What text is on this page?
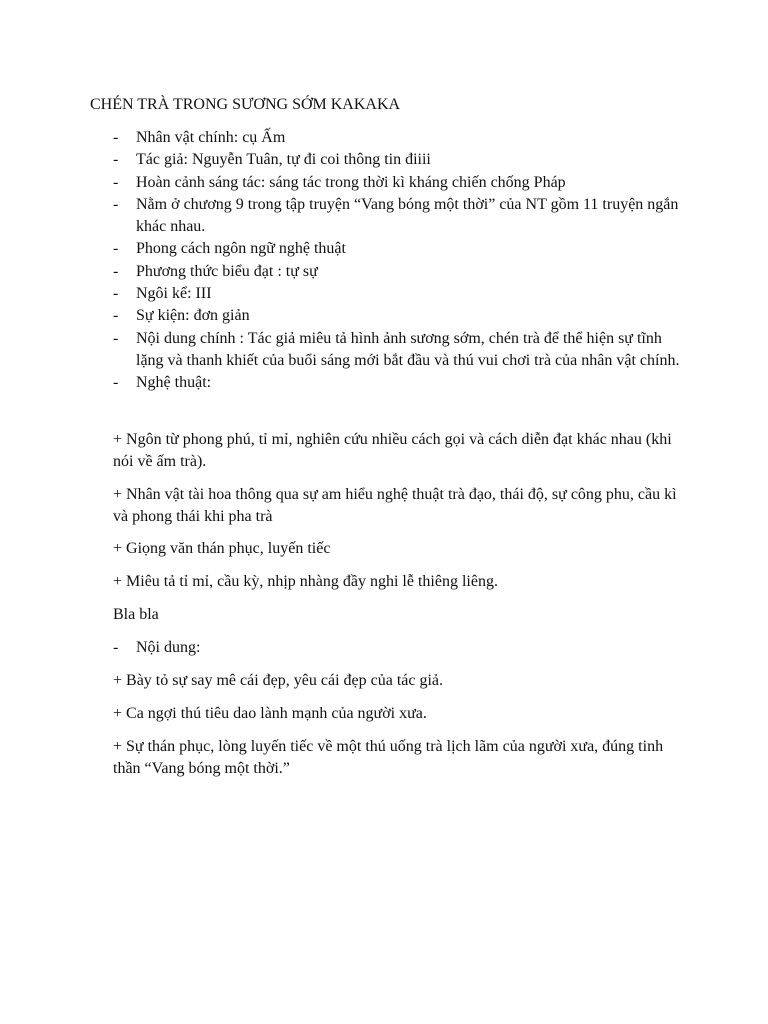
CHÉN TRÀ TRONG SƯƠNG SỚM KAKAKA
- Nhân vật chính: cụ Ấm
- Tác giả: Nguyễn Tuân, tự đi coi thông tin điiii
- Hoàn cảnh sáng tác: sáng tác trong thời kì kháng chiến chống Pháp
- Nằm ở chương 9 trong tập truyện “Vang bóng một thời” của NT gồm 11 truyện ngắn khác nhau.
- Phong cách ngôn ngữ nghệ thuật
- Phương thức biểu đạt : tự sự
- Ngôi kể: III
- Sự kiện: đơn giản
- Nội dung chính : Tác giả miêu tả hình ảnh sương sớm, chén trà để thể hiện sự tĩnh lặng và thanh khiết của buổi sáng mới bắt đầu và thú vui chơi trà của nhân vật chính.
- Nghệ thuật:

+ Ngôn từ phong phú, tỉ mỉ, nghiên cứu nhiều cách gọi và cách diễn đạt khác nhau (khi nói về ấm trà).

+ Nhân vật tài hoa thông qua sự am hiểu nghệ thuật trà đạo, thái độ, sự công phu, cầu kì và phong thái khi pha trà

+ Giọng văn thán phục, luyến tiếc

+ Miêu tả tỉ mỉ, cầu kỳ, nhịp nhàng đầy nghi lễ thiêng liêng.

Bla bla

- Nội dung:

+ Bày tỏ sự say mê cái đẹp, yêu cái đẹp của tác giả.

+ Ca ngợi thú tiêu dao lành mạnh của người xưa.

+ Sự thán phục, lòng luyến tiếc về một thú uống trà lịch lãm của người xưa, đúng tinh thần “Vang bóng một thời.”
